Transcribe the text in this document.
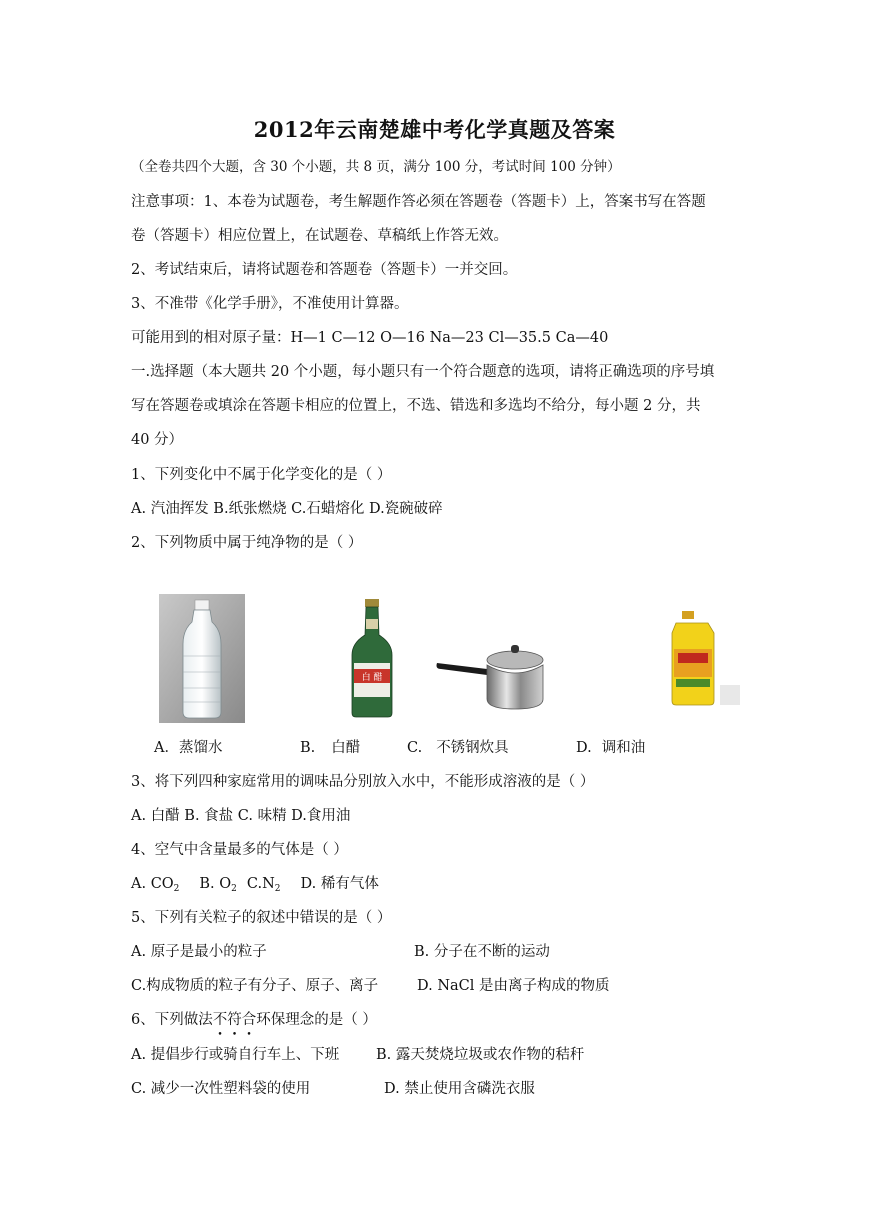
2012年云南楚雄中考化学真题及答案
（全卷共四个大题，含 30 个小题，共 8 页，满分 100 分，考试时间 100 分钟）
注意事项：1、本卷为试题卷，考生解题作答必须在答题卷（答题卡）上，答案书写在答题
卷（答题卡）相应位置上，在试题卷、草稿纸上作答无效。
2、考试结束后，请将试题卷和答题卷（答题卡）一并交回。
3、不准带《化学手册》，不准使用计算器。
可能用到的相对原子量：H—1 C—12 O—16 Na—23 Cl—35.5 Ca—40
一.选择题（本大题共 20 个小题，每小题只有一个符合题意的选项，请将正确选项的序号填
写在答题卷或填涂在答题卡相应的位置上，不选、错选和多选均不给分，每小题 2 分，共
40 分）
1、下列变化中不属于化学变化的是（ ）
A. 汽油挥发 B.纸张燃烧 C.石蜡熔化 D.瓷碗破碎
2、下列物质中属于纯净物的是（ ）
白 醋
A．蒸馏水	B. 白醋	C. 不锈钢炊具	D. 调和油
3、将下列四种家庭常用的调味品分别放入水中，不能形成溶液的是（ ）
A. 白醋 B. 食盐 C. 味精 D.食用油
4、空气中含量最多的气体是（ ）
A. $CO_2$ B. $O_2$ $C.N_2$ D. 稀有气体
5、下列有关粒子的叙述中错误的是（ ）
A. 原子是最小的粒子	B. 分子在不断的运动
C.构成物质的粒子有分子、原子、离子	D. NaCl 是由离子构成的物质
6、下列做法不符合环保理念的是（ ）
A. 提倡步行或骑自行车上、下班	B. 露天焚烧垃圾或农作物的秸秆
C. 减少一次性塑料袋的使用	D. 禁止使用含磷洗衣服
